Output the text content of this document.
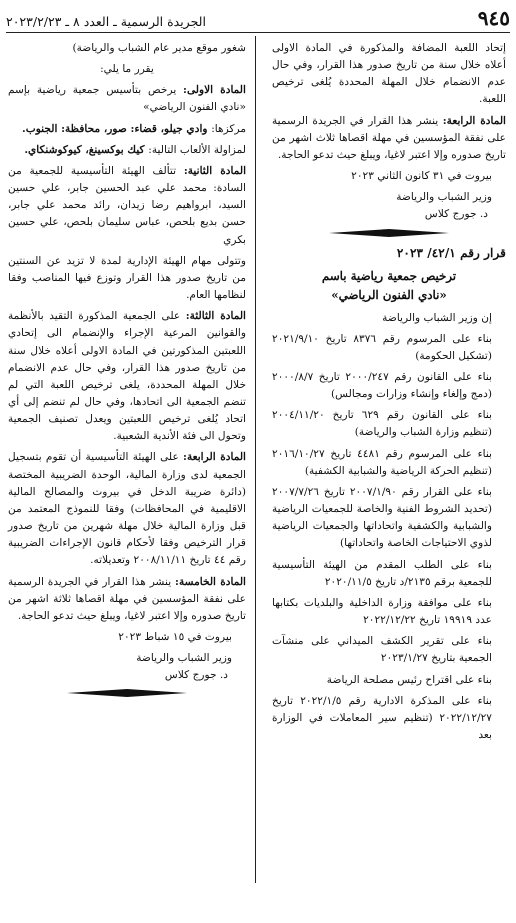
٩٤٥
الجريدة الرسمية ـ العدد ٨ ـ ٢٠٢٣/٢/٢٣

إتحاد اللعبة المضافة والمذكورة في المادة الاولى أعلاه خلال سنة من تاريخ صدور هذا القرار، وفي حال عدم الانضمام خلال المهلة المحددة يُلغى ترخيص اللعبة.

المادة الرابعة: ينشر هذا القرار في الجريدة الرسمية على نفقة المؤسسين في مهلة اقصاها ثلاث اشهر من تاريخ صدوره وإلا اعتبر لاغيا، ويبلغ حيث تدعو الحاجة.

بيروت في ٣١ كانون الثاني ٢٠٢٣

وزير الشباب والرياضة

د. جورج كلاس

قرار رقم ٤٢/١/ ٢٠٢٣

ترخيص جمعية رياضية باسم

«نادي الفنون الرياضي»

إن وزير الشباب والرياضة

بناء على المرسوم رقم ٨٣٧٦ تاريخ ٢٠٢١/٩/١٠ (تشكيل الحكومة)

بناء على القانون رقم ٢٠٠٠/٢٤٧ تاريخ ٢٠٠٠/٨/٧ (دمج وإلغاء وإنشاء وزارات ومجالس)

بناء على القانون رقم ٦٢٩ تاريخ ٢٠٠٤/١١/٢٠ (تنظيم وزارة الشباب والرياضة)

بناء على المرسوم رقم ٤٤٨١ تاريخ ٢٠١٦/١٠/٢٧ (تنظيم الحركة الرياضية والشبابية الكشفية)

بناء على القرار رقم ٢٠٠٧/١/٩٠ تاريخ ٢٠٠٧/٧/٢٦ (تحديد الشروط الفنية والخاصة للجمعيات الرياضية والشبابية والكشفية واتحاداتها والجمعيات الرياضية لذوي الاحتياجات الخاصة واتحاداتها)

بناء على الطلب المقدم من الهيئة التأسيسية للجمعية برقم ٢١٣٥/د تاريخ ٢٠٢٠/١١/٥

بناء على موافقة وزارة الداخلية والبلديات بكتابها عدد ١٩٩١٩ تاريخ ٢٠٢٢/١٢/٢٢

بناء على تقرير الكشف الميداني على منشآت الجمعية بتاريخ ٢٠٢٣/١/٢٧

بناء على اقتراح رئيس مصلحة الرياضة

بناء على المذكرة الادارية رقم ٢٠٢٢/١/٥ تاريخ ٢٠٢٢/١٢/٢٧ (تنظيم سير المعاملات في الوزارة بعد

شغور موقع مدير عام الشباب والرياضة)

يقرر ما يلي:

المادة الاولى: يرخص بتأسيس جمعية رياضية بإسم «نادي الفنون الرياضي»

مركزها: وادي جيلو، قضاء: صور، محافظة: الجنوب.

لمزاولة الألعاب التالية: كيك بوكسينغ، كيوكوشنكاي.

المادة الثانية: تتألف الهيئة التأسيسية للجمعية من السادة: محمد علي عبد الحسين جابر، علي حسين السيد، ابرواهيم رضا زيدان، رائد محمد علي جابر، حسن بديع بلحص، عباس سليمان بلحص، علي حسين بكري

وتتولى مهام الهيئة الإدارية لمدة لا تزيد عن السنتين من تاريخ صدور هذا القرار وتوزع فيها المناصب وفقا لنظامها العام.

المادة الثالثة: على الجمعية المذكورة التقيد بالأنظمة والقوانين المرعية الإجراء والإنضمام الى إتحادي اللعبتين المذكورتين في المادة الاولى أعلاه خلال سنة من تاريخ صدور هذا القرار، وفي حال عدم الانضمام خلال المهلة المحددة، يلغى ترخيص اللعبة التي لم تنضم الجمعية الى اتحادها، وفي حال لم تنضم إلى أي اتحاد يُلغى ترخيص اللعبتين ويعدل تصنيف الجمعية وتحول الى فئة الأندية الشعبية.

المادة الرابعة: على الهيئة التأسيسية أن تقوم بتسجيل الجمعية لدى وزارة المالية، الوحدة الضريبية المختصة (دائرة ضريبة الدخل في بيروت والمصالح المالية الاقليمية في المحافظات) وفقا للنموذج المعتمد من قبل وزارة المالية خلال مهلة شهرين من تاريخ صدور قرار الترخيص وفقا لأحكام قانون الإجراءات الضريبية رقم ٤٤ تاريخ ٢٠٠٨/١١/١١ وتعديلاته.

المادة الخامسة: ينشر هذا القرار في الجريدة الرسمية على نفقة المؤسسين في مهلة اقصاها ثلاثة اشهر من تاريخ صدوره وإلا اعتبر لاغيا، ويبلغ حيث تدعو الحاجة.

بيروت في ١٥ شباط ٢٠٢٣

وزير الشباب والرياضة

د. جورج كلاس
